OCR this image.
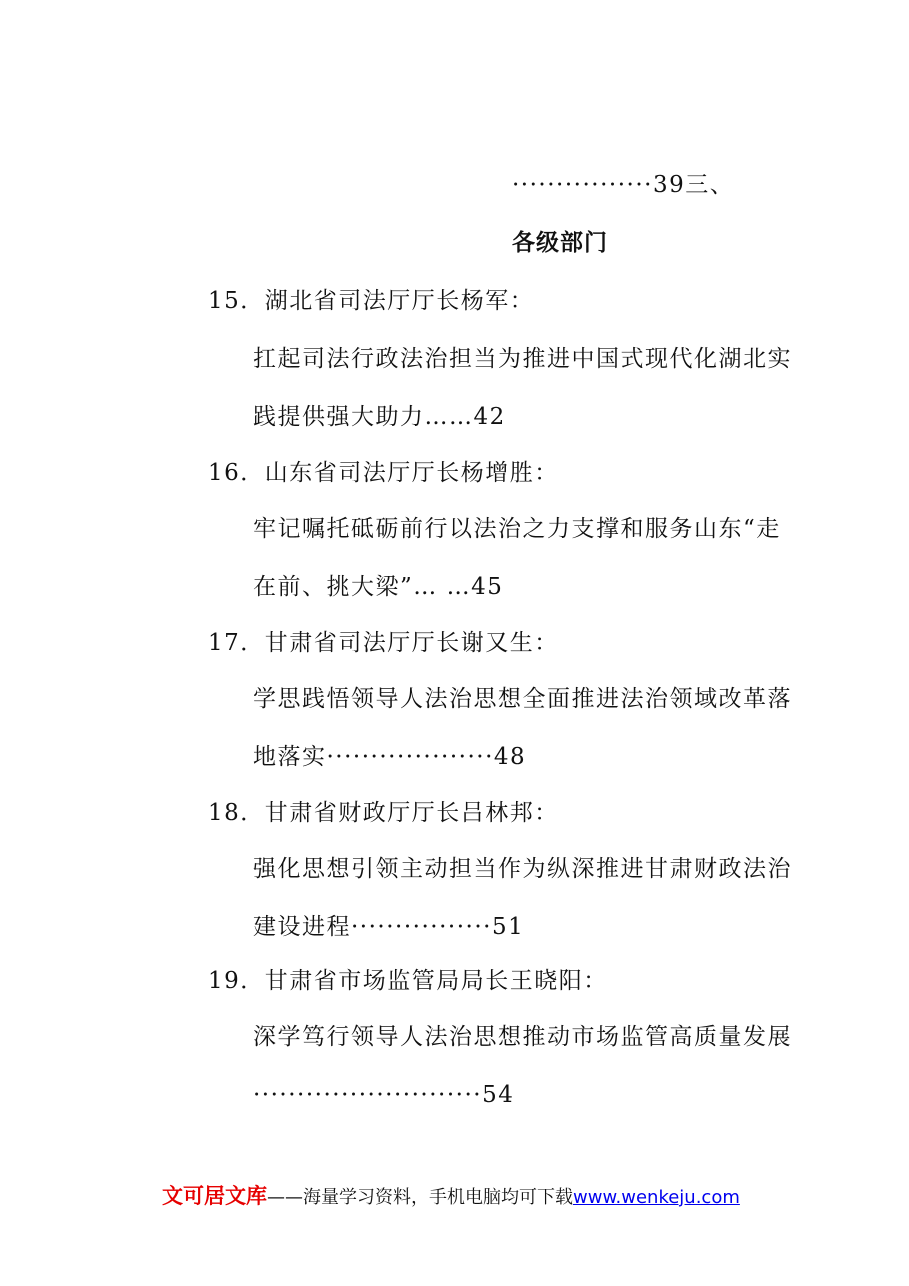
················39三、
各级部门
15．湖北省司法厅厅长杨军：
扛起司法行政法治担当为推进中国式现代化湖北实
践提供强大助力……42
16．山东省司法厅厅长杨增胜：
牢记嘱托砥砺前行以法治之力支撑和服务山东“走
在前、挑大梁”… …45
17．甘肃省司法厅厅长谢又生：
学思践悟领导人法治思想全面推进法治领域改革落
地落实···················48
18．甘肃省财政厅厅长吕林邦：
强化思想引领主动担当作为纵深推进甘肃财政法治
建设进程················51
19．甘肃省市场监管局局长王晓阳：
深学笃行领导人法治思想推动市场监管高质量发展
··························54
文可居文库——海量学习资料，手机电脑均可下载www.wenkeju.com
